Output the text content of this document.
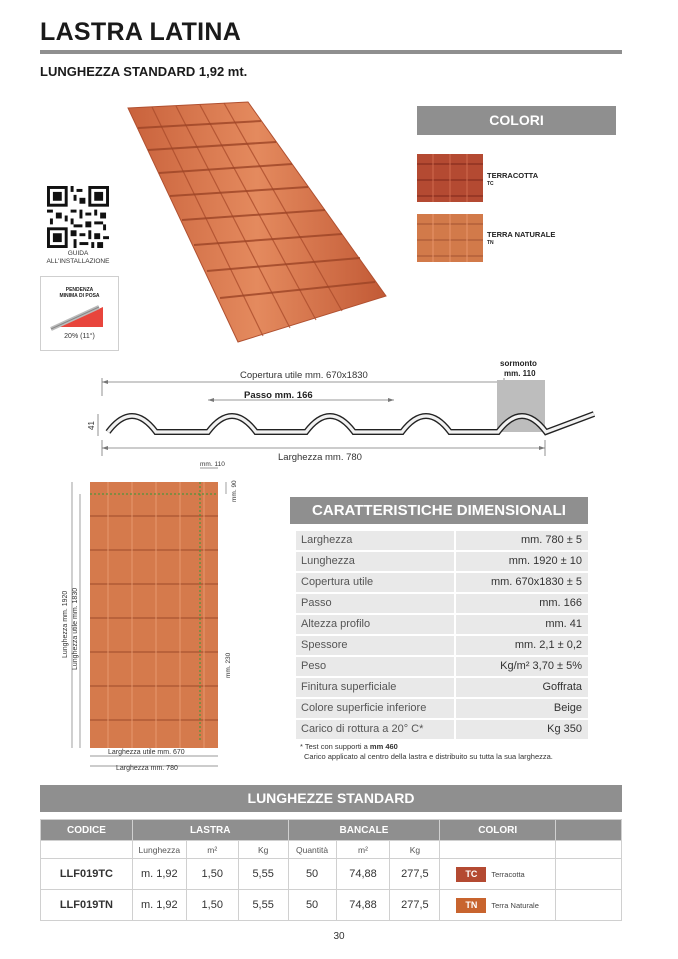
LASTRA LATINA
LUNGHEZZA STANDARD 1,92 mt.
COLORI
TERRACOTTA
TC
TERRA NATURALE
TN
GUIDA
ALL'INSTALLAZIONE
PENDENZA
MINIMA DI POSA
20% (11°)
Copertura utile mm. 670x1830
Passo mm. 166
sormonto
mm. 110
41
Larghezza mm. 780
mm. 110
mm. 90
Lunghezza mm. 1920 Lunghezza utile mm. 1830	mm. 230
Larghezza utile mm. 670
Larghezza mm. 780
CARATTERISTICHE DIMENSIONALI
Larghezza	mm. 780 ± 5
Lunghezza	mm. 1920 ± 10
Copertura utile	mm. 670x1830 ± 5
Passo	mm. 166
Altezza profilo	mm. 41
Spessore	mm. 2,1 ± 0,2
Peso	Kg/m² 3,70 ± 5%
Finitura superficiale	Goffrata
Colore superficie inferiore	Beige
Carico di rottura a 20° C*	Kg 350
* Test con supporti a mm 460
Carico applicato al centro della lastra e distribuito su tutta la sua larghezza.
LUNGHEZZE STANDARD
CODICE	LASTRA			BANCALE			COLORI	
	Lunghezza	m²	Kg	Quantità	m²	Kg		
LLF019TC	m. 1,92	1,50	5,55	50	74,88	277,5	TC Terracotta	
LLF019TN	m. 1,92	1,50	5,55	50	74,88	277,5	TN Terra Naturale	
30
